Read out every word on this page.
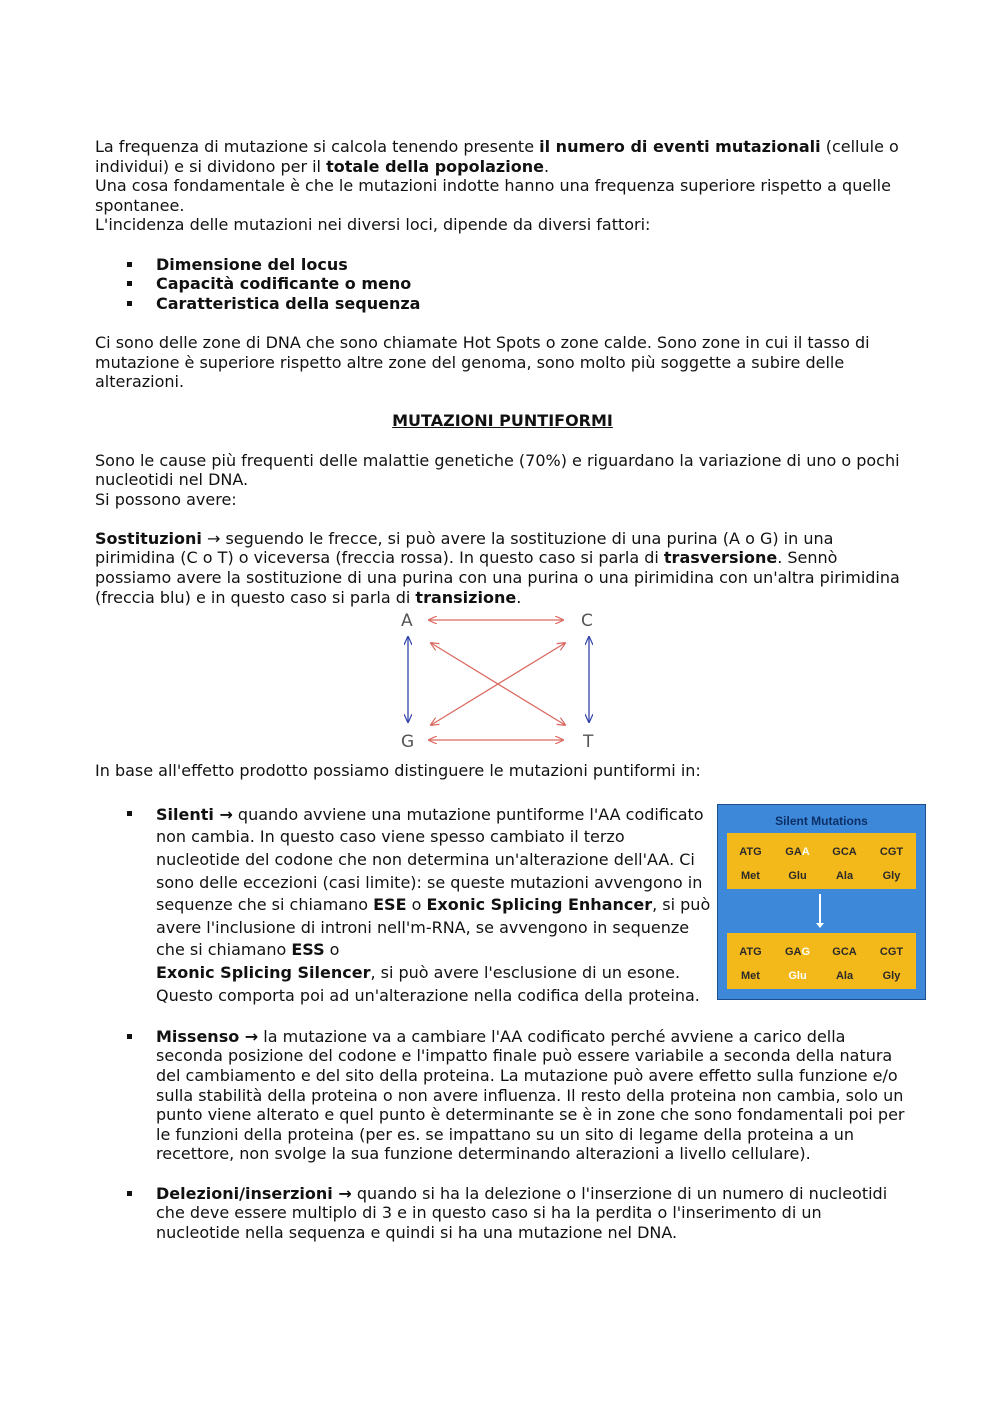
La frequenza di mutazione si calcola tenendo presente il numero di eventi mutazionali (cellule o individui) e si dividono per il totale della popolazione.

Una cosa fondamentale è che le mutazioni indotte hanno una frequenza superiore rispetto a quelle spontanee.

L'incidenza delle mutazioni nei diversi loci, dipende da diversi fattori:

Dimensione del locus
Capacità codificante o meno
Caratteristica della sequenza

Ci sono delle zone di DNA che sono chiamate Hot Spots o zone calde. Sono zone in cui il tasso di mutazione è superiore rispetto altre zone del genoma, sono molto più soggette a subire delle alterazioni.

MUTAZIONI PUNTIFORMI

Sono le cause più frequenti delle malattie genetiche (70%) e riguardano la variazione di uno o pochi nucleotidi nel DNA.

Si possono avere:

Sostituzioni → seguendo le frecce, si può avere la sostituzione di una purina (A o G) in una pirimidina (C o T) o viceversa (freccia rossa). In questo caso si parla di trasversione. Sennò possiamo avere la sostituzione di una purina con una purina o una pirimidina con un'altra pirimidina (freccia blu) e in questo caso si parla di transizione.

A	C
G	T

In base all'effetto prodotto possiamo distinguere le mutazioni puntiformi in:

Silenti → quando avviene una mutazione puntiforme l'AA codificato non cambia. In questo caso viene spesso cambiato il terzo nucleotide del codone che non determina un'alterazione dell'AA. Ci sono delle eccezioni (casi limite): se queste mutazioni avvengono in sequenze che si chiamano ESE o Exonic Splicing Enhancer, si può avere l'inclusione di introni nell'm-RNA, se avvengono in sequenze che si chiamano ESS o
Exonic Splicing Silencer, si può avere l'esclusione di un esone. Questo comporta poi ad un'alterazione nella codifica della proteina.
Silent Mutations
ATG	GAA	GCA	CGT
Met	Glu	Ala	Gly
ATG	GAG	GCA	CGT
Met	Glu	Ala	Gly
Missenso → la mutazione va a cambiare l'AA codificato perché avviene a carico della seconda posizione del codone e l'impatto finale può essere variabile a seconda della natura del cambiamento e del sito della proteina. La mutazione può avere effetto sulla funzione e/o sulla stabilità della proteina o non avere influenza. Il resto della proteina non cambia, solo un punto viene alterato e quel punto è determinante se è in zone che sono fondamentali poi per le funzioni della proteina (per es. se impattano su un sito di legame della proteina a un recettore, non svolge la sua funzione determinando alterazioni a livello cellulare).
Delezioni/inserzioni → quando si ha la delezione o l'inserzione di un numero di nucleotidi che deve essere multiplo di 3 e in questo caso si ha la perdita o l'inserimento di un nucleotide nella sequenza e quindi si ha una mutazione nel DNA.
